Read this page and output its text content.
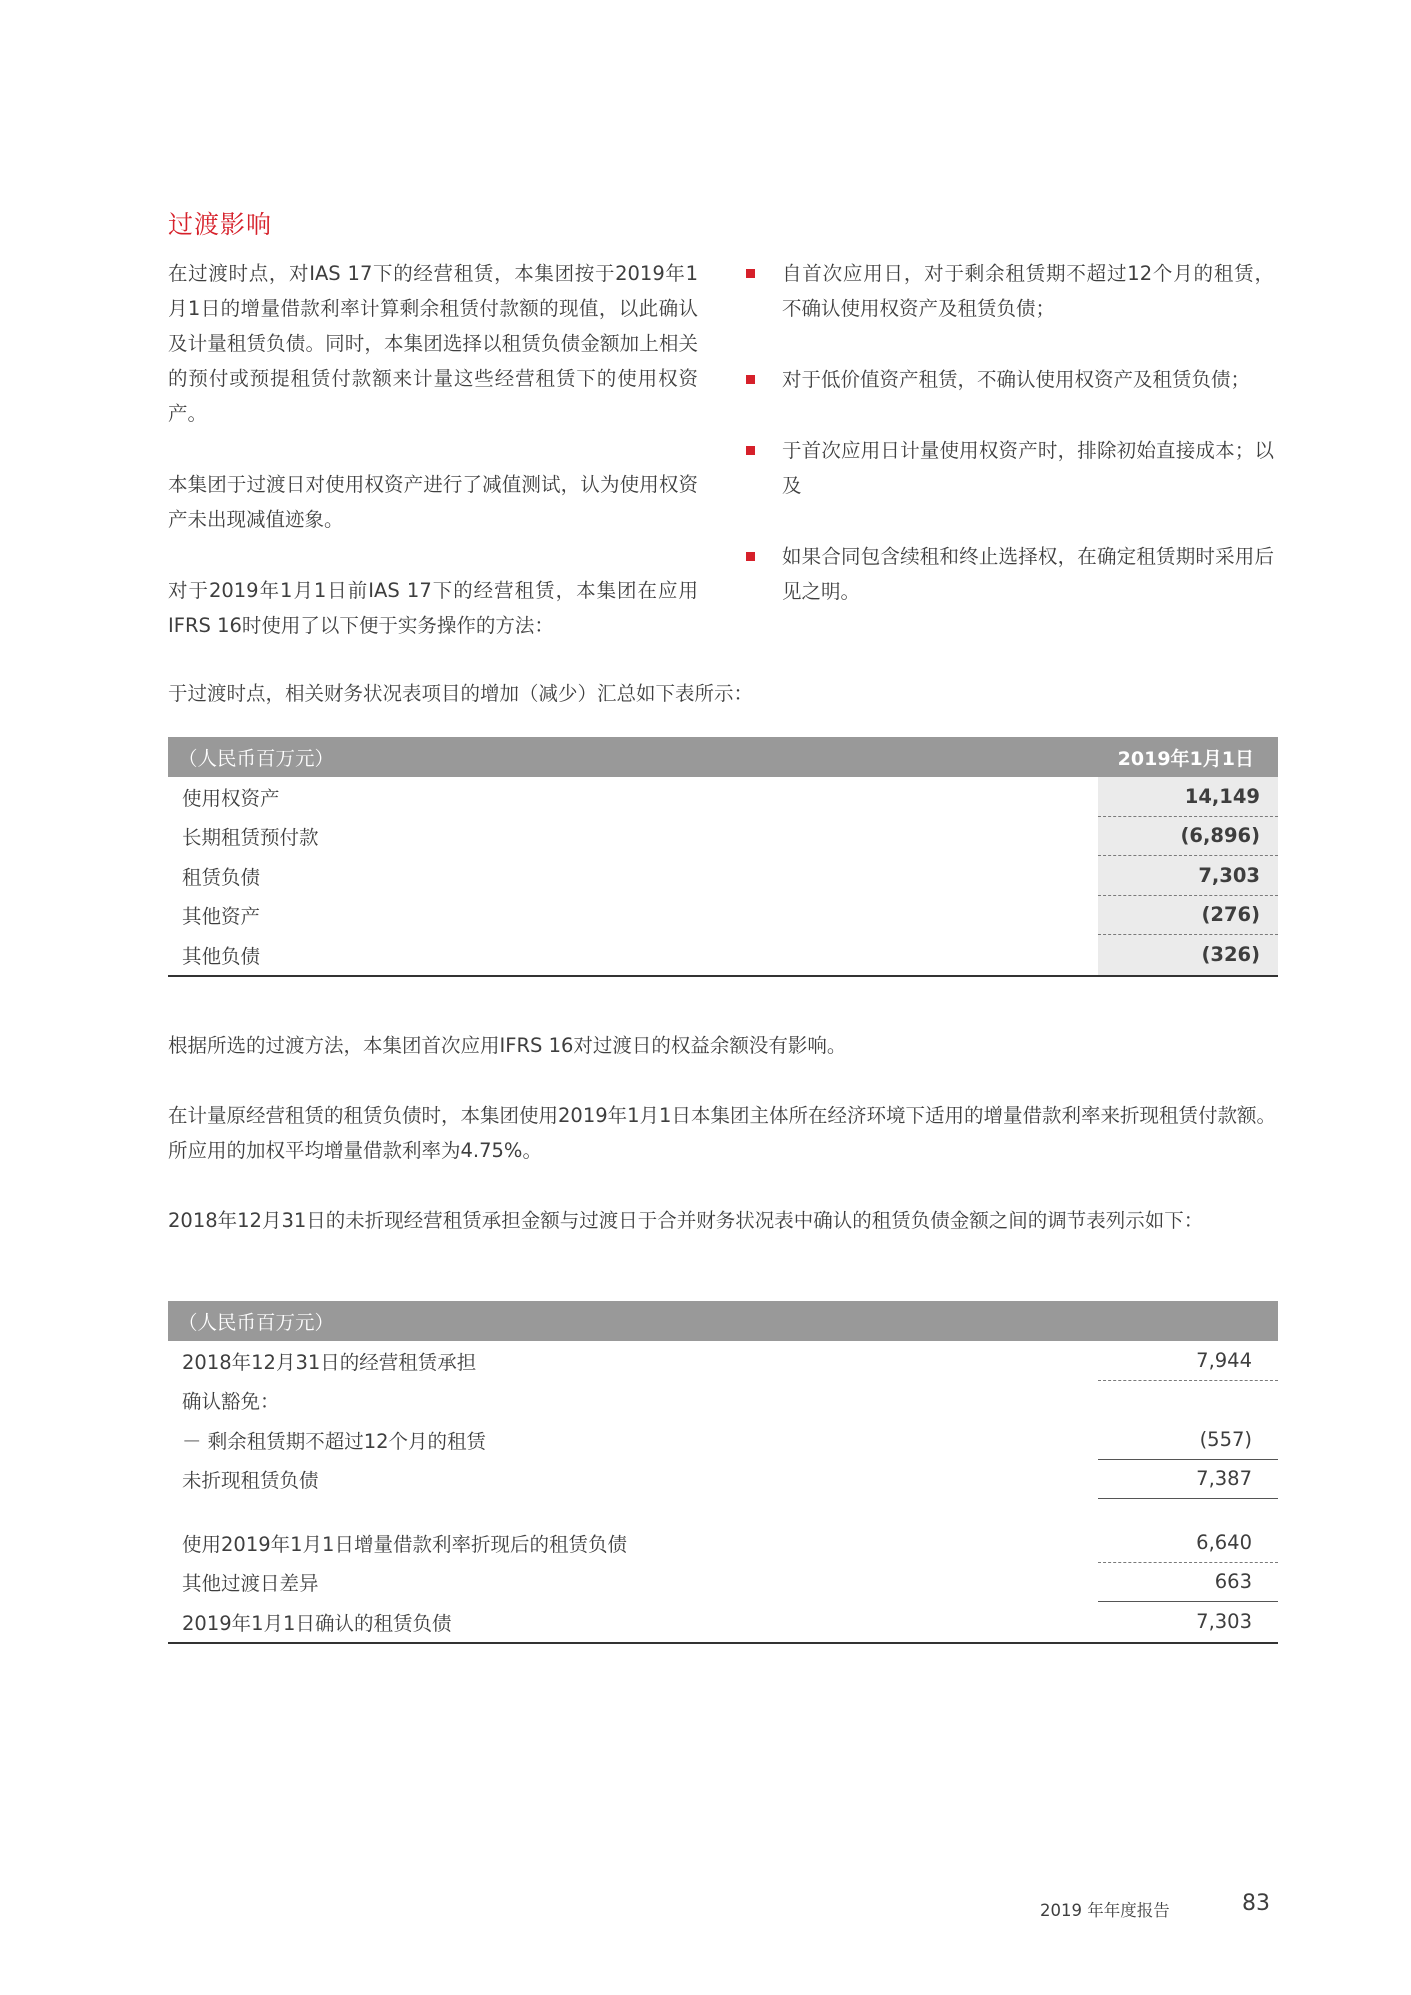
过渡影响

在过渡时点，对IAS 17下的经营租赁，本集团按于2019年1月1日的增量借款利率计算剩余租赁付款额的现值，以此确认及计量租赁负债。同时，本集团选择以租赁负债金额加上相关的预付或预提租赁付款额来计量这些经营租赁下的使用权资产。

本集团于过渡日对使用权资产进行了减值测试，认为使用权资产未出现减值迹象。

对于2019年1月1日前IAS 17下的经营租赁，本集团在应用IFRS 16时使用了以下便于实务操作的方法：

自首次应用日，对于剩余租赁期不超过12个月的租赁，不确认使用权资产及租赁负债；
对于低价值资产租赁，不确认使用权资产及租赁负债；
于首次应用日计量使用权资产时，排除初始直接成本；以及
如果合同包含续租和终止选择权，在确定租赁期时采用后见之明。
于过渡时点，相关财务状况表项目的增加（减少）汇总如下表所示：
（人民币百万元）	2019年1月1日
使用权资产	14,149
长期租赁预付款	(6,896)
租赁负债	7,303
其他资产	(276)
其他负债	(326)
根据所选的过渡方法，本集团首次应用IFRS 16对过渡日的权益余额没有影响。
在计量原经营租赁的租赁负债时，本集团使用2019年1月1日本集团主体所在经济环境下适用的增量借款利率来折现租赁付款额。所应用的加权平均增量借款利率为4.75%。
2018年12月31日的未折现经营租赁承担金额与过渡日于合并财务状况表中确认的租赁负债金额之间的调节表列示如下：
（人民币百万元）
2018年12月31日的经营租赁承担	7,944
确认豁免：
－ 剩余租赁期不超过12个月的租赁	(557)
未折现租赁负债	7,387
使用2019年1月1日增量借款利率折现后的租赁负债	6,640
其他过渡日差异	663
2019年1月1日确认的租赁负债	7,303
2019 年年度报告	83
